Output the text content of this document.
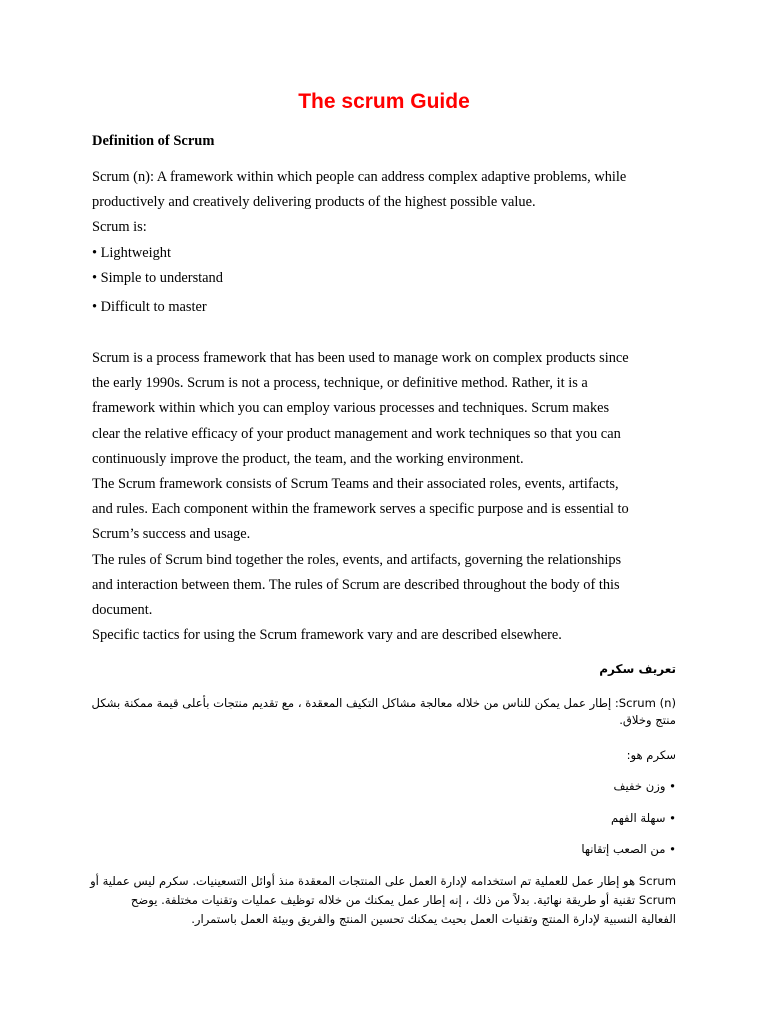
The scrum Guide
Definition of Scrum
Scrum (n): A framework within which people can address complex adaptive problems, while
productively and creatively delivering products of the highest possible value.
Scrum is:
• Lightweight
• Simple to understand
• Difficult to master

Scrum is a process framework that has been used to manage work on complex products since
the early 1990s. Scrum is not a process, technique, or definitive method. Rather, it is a
framework within which you can employ various processes and techniques. Scrum makes
clear the relative efficacy of your product management and work techniques so that you can
continuously improve the product, the team, and the working environment.

The Scrum framework consists of Scrum Teams and their associated roles, events, artifacts,
and rules. Each component within the framework serves a specific purpose and is essential to
Scrum’s success and usage.

The rules of Scrum bind together the roles, events, and artifacts, governing the relationships
and interaction between them. The rules of Scrum are described throughout the body of this
document.

Specific tactics for using the Scrum framework vary and are described elsewhere.

تعريف سكرم
Scrum (n): إطار عمل يمكن للناس من خلاله معالجة مشاكل التكيف المعقدة ، مع تقديم منتجات بأعلى قيمة ممكنة بشكل
منتج وخلاق.
سكرم هو:
• وزن خفيف
• سهلة الفهم
• من الصعب إتقانها
Scrum هو إطار عمل للعملية تم استخدامه لإدارة العمل على المنتجات المعقدة منذ أوائل التسعينيات. سكرم ليس عملية أو
Scrum تقنية أو طريقة نهائية. بدلاً من ذلك ، إنه إطار عمل يمكنك من خلاله توظيف عمليات وتقنيات مختلفة. يوضح
الفعالية النسبية لإدارة المنتج وتقنيات العمل بحيث يمكنك تحسين المنتج والفريق وبيئة العمل باستمرار.
